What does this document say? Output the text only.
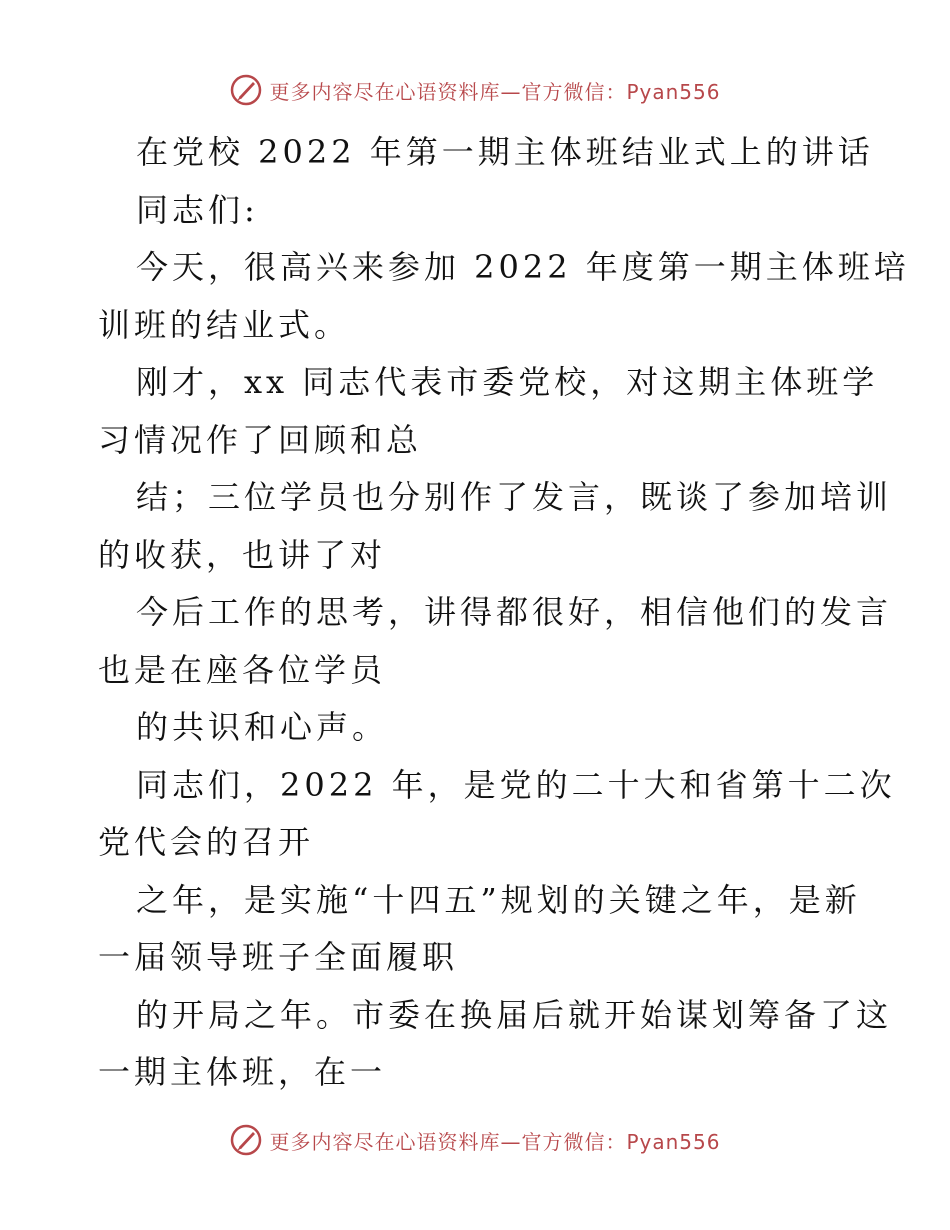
更多内容尽在心语资料库—官方微信：Pyan556

在党校 2022 年第一期主体班结业式上的讲话

同志们:

今天，很高兴来参加 2022 年度第一期主体班培

训班的结业式。

刚才，xx 同志代表市委党校，对这期主体班学

习情况作了回顾和总

结；三位学员也分别作了发言，既谈了参加培训

的收获，也讲了对

今后工作的思考，讲得都很好，相信他们的发言

也是在座各位学员

的共识和心声。

同志们，2022 年，是党的二十大和省第十二次

党代会的召开

之年，是实施“十四五”规划的关键之年，是新

一届领导班子全面履职

的开局之年。市委在换届后就开始谋划筹备了这

一期主体班，在一

更多内容尽在心语资料库—官方微信：Pyan556
